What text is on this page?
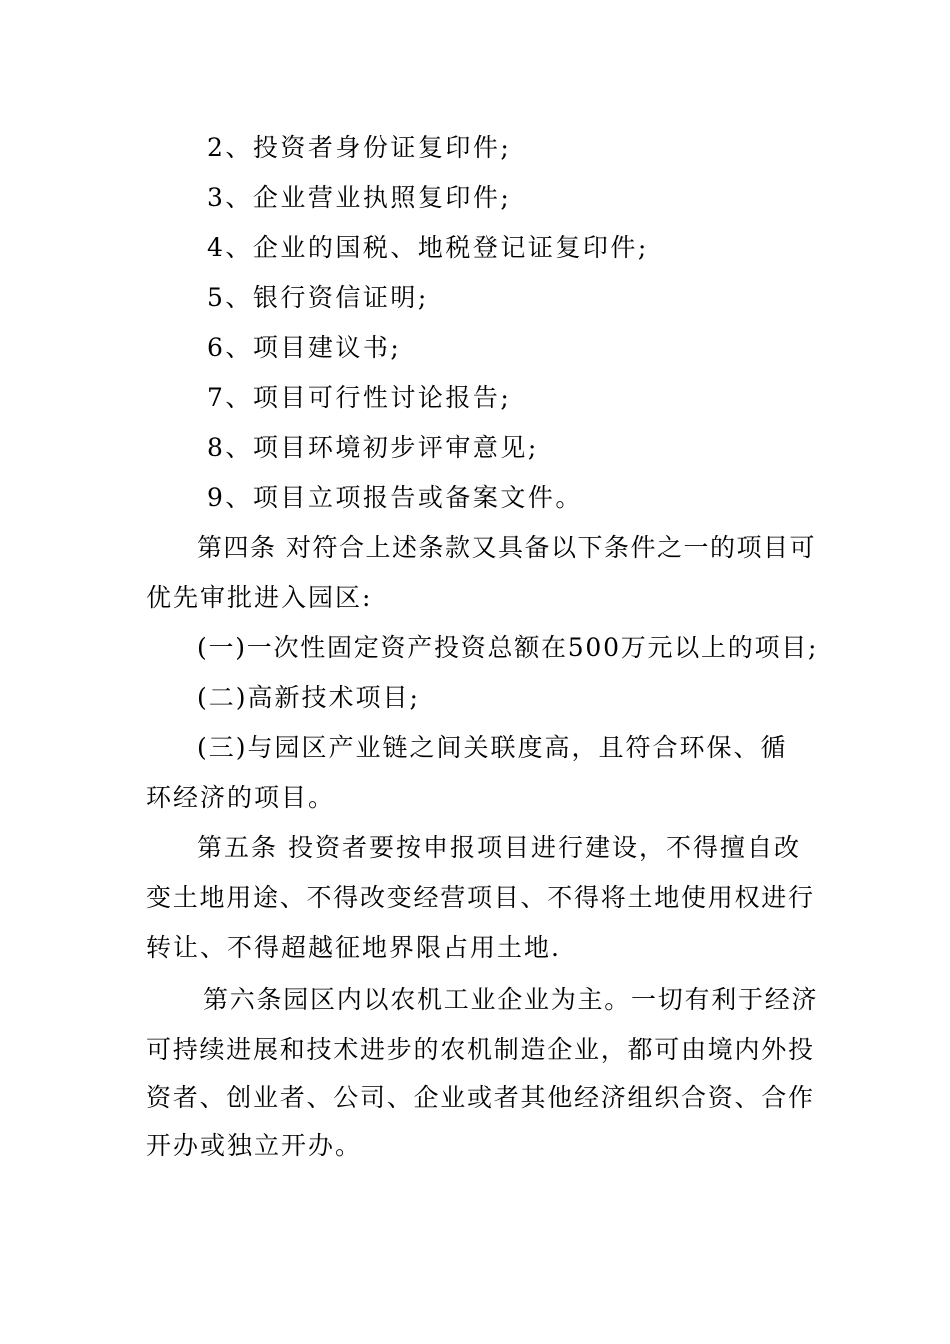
2、投资者身份证复印件;
3、企业营业执照复印件;
4、企业的国税、地税登记证复印件;
5、银行资信证明;
6、项目建议书;
7、项目可行性讨论报告;
8、项目环境初步评审意见;
9、项目立项报告或备案文件。
第四条 对符合上述条款又具备以下条件之一的项目可
优先审批进入园区:
(一)一次性固定资产投资总额在500万元以上的项目;
(二)高新技术项目;
(三)与园区产业链之间关联度高，且符合环保、循
环经济的项目。
第五条 投资者要按申报项目进行建设，不得擅自改
变土地用途、不得改变经营项目、不得将土地使用权进行
转让、不得超越征地界限占用土地.
第六条园区内以农机工业企业为主。一切有利于经济
可持续进展和技术进步的农机制造企业，都可由境内外投
资者、创业者、公司、企业或者其他经济组织合资、合作
开办或独立开办。
